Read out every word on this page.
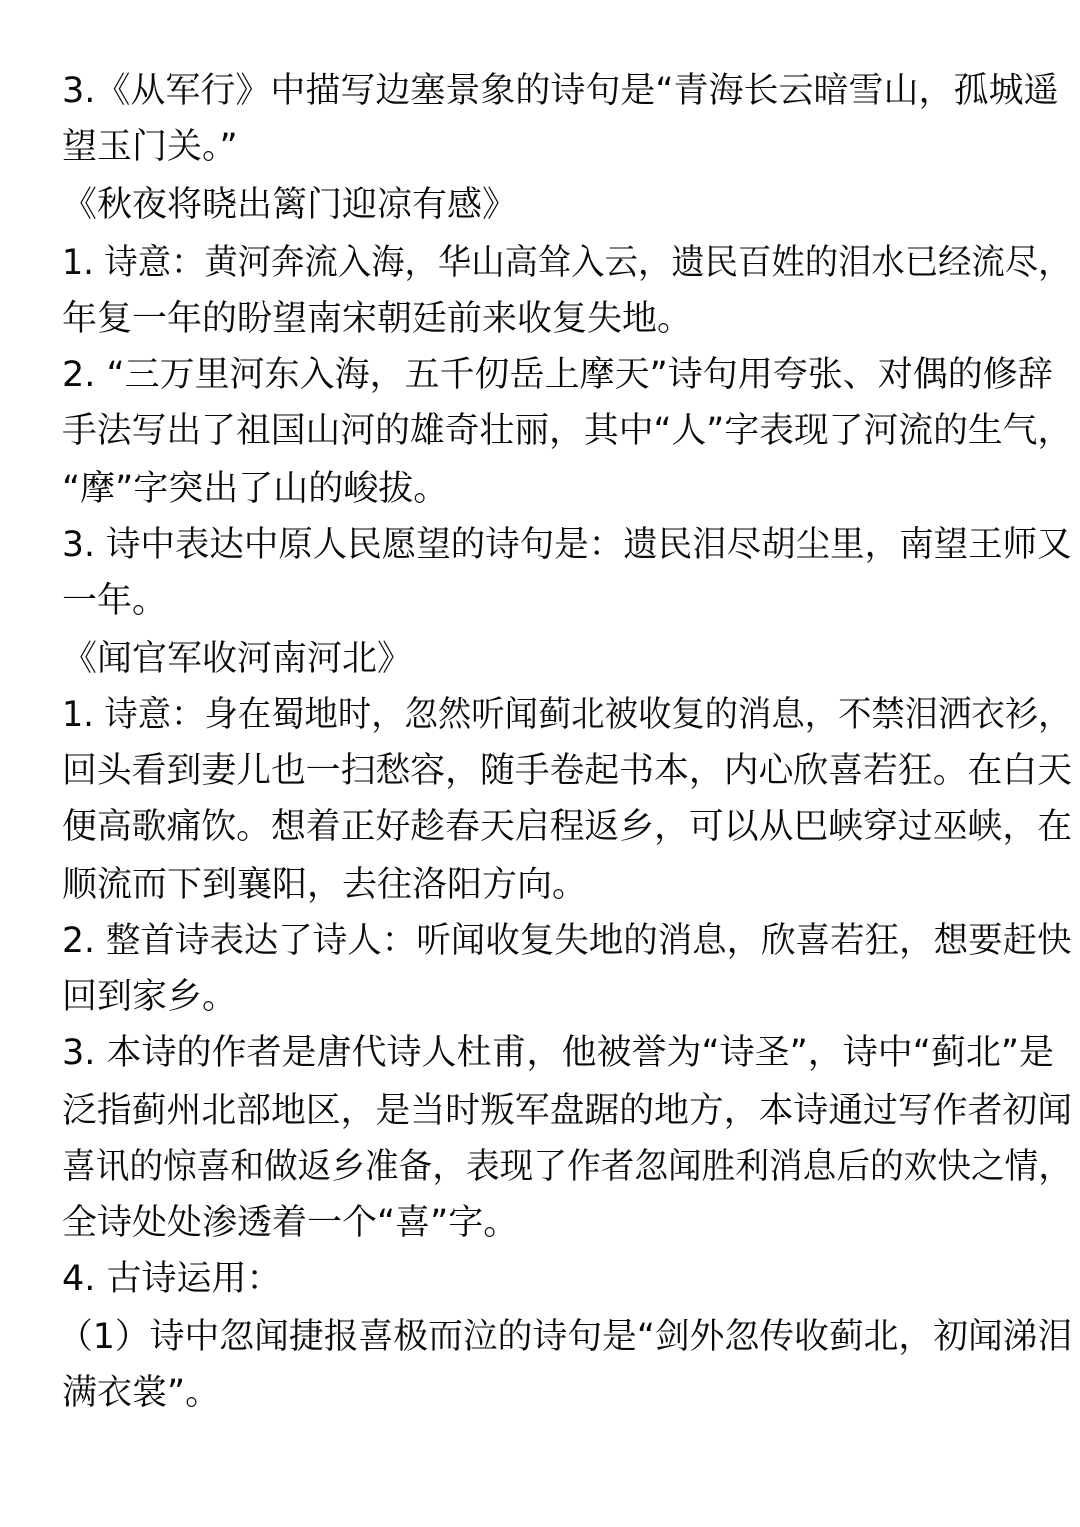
3.《从军行》中描写边塞景象的诗句是“青海长云暗雪山，孤城遥
望玉门关。”
《秋夜将晓出篱门迎凉有感》
1. 诗意：黄河奔流入海，华山高耸入云，遗民百姓的泪水已经流尽，
年复一年的盼望南宋朝廷前来收复失地。
2. “三万里河东入海，五千仞岳上摩天”诗句用夸张、对偶的修辞
手法写出了祖国山河的雄奇壮丽，其中“人”字表现了河流的生气，
“摩”字突出了山的峻拔。
3. 诗中表达中原人民愿望的诗句是：遗民泪尽胡尘里，南望王师又
一年。
《闻官军收河南河北》
1. 诗意：身在蜀地时，忽然听闻蓟北被收复的消息，不禁泪洒衣衫，
回头看到妻儿也一扫愁容，随手卷起书本，内心欣喜若狂。在白天
便高歌痛饮。想着正好趁春天启程返乡，可以从巴峡穿过巫峡，在
顺流而下到襄阳，去往洛阳方向。
2. 整首诗表达了诗人：听闻收复失地的消息，欣喜若狂，想要赶快
回到家乡。
3. 本诗的作者是唐代诗人杜甫，他被誉为“诗圣”，诗中“蓟北”是
泛指蓟州北部地区，是当时叛军盘踞的地方，本诗通过写作者初闻
喜讯的惊喜和做返乡准备，表现了作者忽闻胜利消息后的欢快之情，
全诗处处渗透着一个“喜”字。
4. 古诗运用：
（1）诗中忽闻捷报喜极而泣的诗句是“剑外忽传收蓟北，初闻涕泪
满衣裳”。
